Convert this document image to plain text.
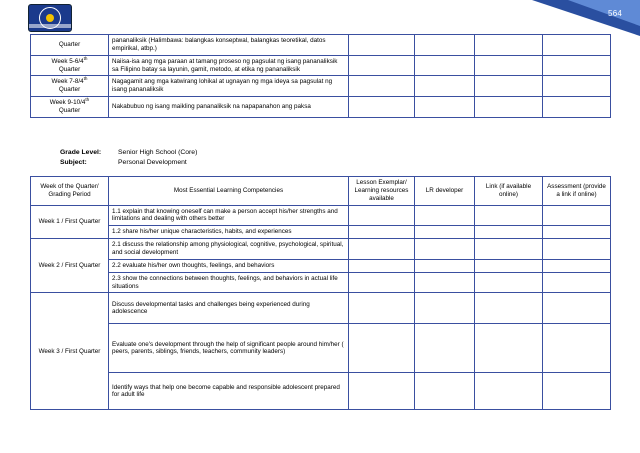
564
Quarter	pananaliksik (Halimbawa: balangkas konseptwal, balangkas teoretikal, datos empirikal, atbp.)				
Week 5-6/4th
Quarter	Naiisa-isa ang mga paraan at tamang proseso ng pagsulat ng isang pananaliksik sa Filipino batay sa layunin, gamit, metodo, at etika ng pananaliksik				
Week 7-8/4th
Quarter	Nagagamit ang mga katwirang lohikal at ugnayan ng mga ideya sa pagsulat ng isang pananaliksik				
Week 9-10/4th
Quarter	Nakabubuo ng isang maikling pananaliksik na napapanahon ang paksa				
Grade Level:	Senior High School (Core)
Subject:	Personal Development
Week of the Quarter/ Grading Period	Most Essential Learning Competencies	Lesson Exemplar/ Learning resources available	LR developer	Link (if available online)	Assessment (provide a link if online)
Week 1 / First Quarter	1.1 explain that knowing oneself can make a person accept his/her strengths and limitations and dealing with others better				
	1.2 share his/her unique characteristics, habits, and experiences				
Week 2 / First Quarter	2.1 discuss the relationship among physiological, cognitive, psychological, spiritual, and social development				
	2.2 evaluate his/her own thoughts, feelings, and behaviors				
	2.3 show the connections between thoughts, feelings, and behaviors in actual life situations				
Week 3 / First Quarter	Discuss developmental tasks and challenges being experienced during adolescence				
	Evaluate one's development through the help of significant people around him/her ( peers, parents, siblings, friends, teachers, community leaders)				
	Identify ways that help one become capable and responsible adolescent prepared for adult life				
